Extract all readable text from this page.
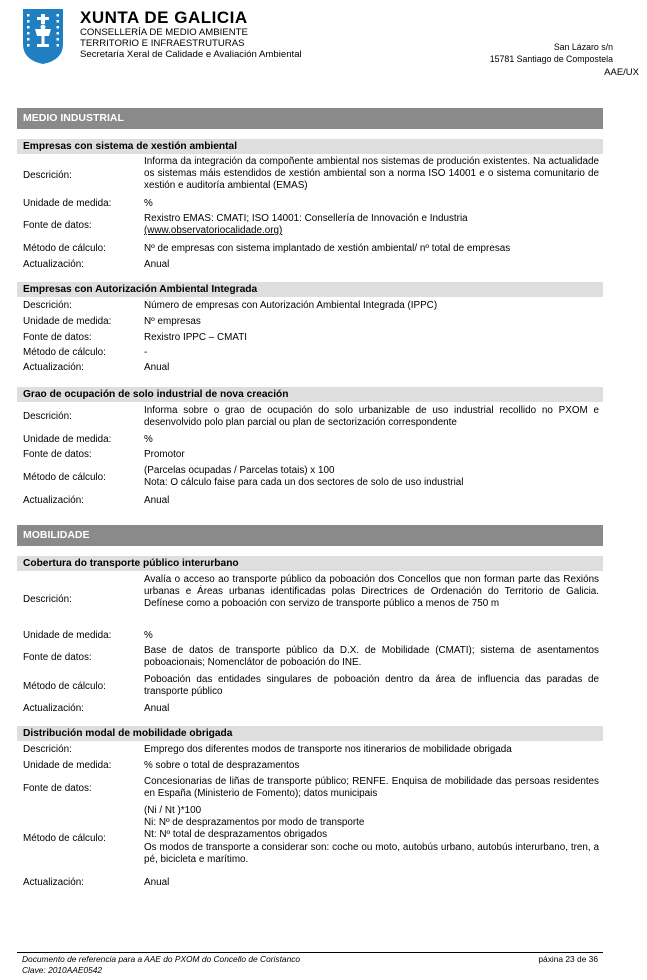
XUNTA DE GALICIA
CONSELLERÍA DE MEDIO AMBIENTE
TERRITORIO E INFRAESTRUTURAS
Secretaría Xeral de Calidade e Avaliación Ambiental
San Lázaro s/n
15781 Santiago de Compostela
AAE/UX
MEDIO INDUSTRIAL
Empresas con sistema de xestión ambiental
Descrición:
Informa da integración da compoñente ambiental nos sistemas de produción existentes. Na actualidade os sistemas máis estendidos de xestión ambiental son a norma ISO 14001 e o sistema comunitario de xestión e auditoría ambiental (EMAS)
Unidade de medida:	%
Fonte de datos:
Rexistro EMAS: CMATI; ISO 14001: Consellería de Innovación e Industria
(www.observatoriocalidade.org)
Método de cálculo:	Nº de empresas con sistema implantado de xestión ambiental/ nº total de empresas
Actualización:	Anual
Empresas con Autorización Ambiental Integrada
Descrición:	Número de empresas con Autorización Ambiental Integrada (IPPC)
Unidade de medida:	Nº empresas
Fonte de datos:	Rexistro IPPC – CMATI
Método de cálculo:	-
Actualización:	Anual
Grao de ocupación de solo industrial de nova creación
Descrición:
Informa sobre o grao de ocupación do solo urbanizable de uso industrial recollido no PXOM e desenvolvido polo plan parcial ou plan de sectorización correspondente
Unidade de medida:	%
Fonte de datos:	Promotor
Método de cálculo:
(Parcelas ocupadas / Parcelas totais) x 100
Nota: O cálculo faise para cada un dos sectores de solo de uso industrial
Actualización:	Anual
MOBILIDADE
Cobertura do transporte público interurbano
Descrición:
Avalía o acceso ao transporte público da poboación dos Concellos que non forman parte das Rexións urbanas e Áreas urbanas identificadas polas Directrices de Ordenación do Territorio de Galicia. Defínese como a poboación con servizo de transporte público a menos de 750 m
Unidade de medida:	%
Fonte de datos:
Base de datos de transporte público da D.X. de Mobilidade (CMATI); sistema de asentamentos poboacionais; Nomenclátor de poboación do INE.
Método de cálculo:
Poboación das entidades singulares de poboación dentro da área de influencia das paradas de transporte público
Actualización:	Anual
Distribución modal de mobilidade obrigada
Descrición:	Emprego dos diferentes modos de transporte nos itinerarios de mobilidade obrigada
Unidade de medida:	% sobre o total de desprazamentos
Fonte de datos:
Concesionarias de liñas de transporte público; RENFE. Enquisa de mobilidade das persoas residentes en España (Ministerio de Fomento); datos municipais
Método de cálculo:
(Ni / Nt )*100
Ni: Nº de desprazamentos por modo de transporte
Nt: Nº total de desprazamentos obrigados
Os modos de transporte a considerar son: coche ou moto, autobús urbano, autobús interurbano, tren, a pé, bicicleta e marítimo.
Actualización:	Anual
Documento de referencia para a AAE do PXOM do Concello de Coristanco
Clave: 2010AAE0542
páxina 23 de 36
